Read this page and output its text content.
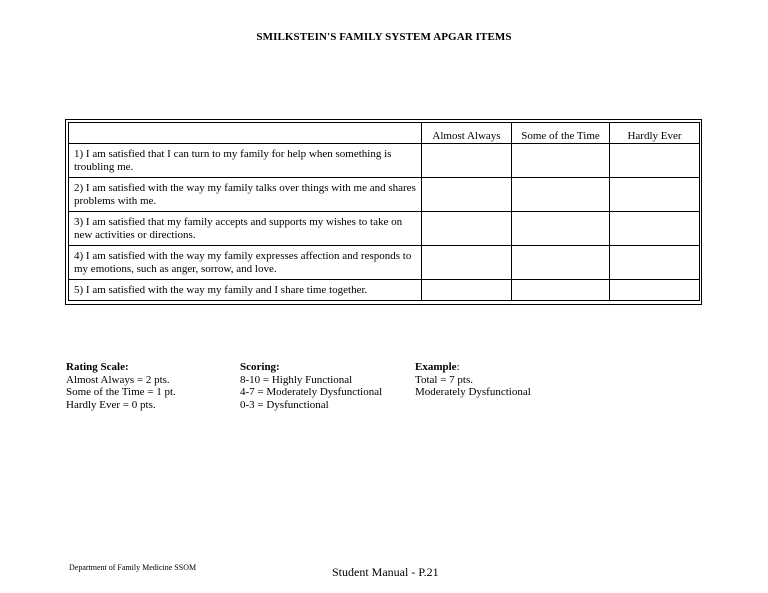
SMILKSTEIN'S FAMILY SYSTEM APGAR ITEMS
	Almost Always	Some of the Time	Hardly Ever
1) I am satisfied that I can turn to my family for help when something is troubling me.			
2) I am satisfied with the way my family talks over things with me and shares problems with me.			
3) I am satisfied that my family accepts and supports my wishes to take on new activities or directions.			
4) I am satisfied with the way my family expresses affection and responds to my emotions, such as anger, sorrow, and love.			
5) I am satisfied with the way my family and I share time together.			
Rating Scale:
Almost Always = 2 pts.
Some of the Time = 1 pt.
Hardly Ever = 0 pts.
Scoring:
8-10 = Highly Functional
4-7 = Moderately Dysfunctional
0-3 = Dysfunctional
Example:
Total = 7 pts.
Moderately Dysfunctional
Department of Family Medicine SSOM	Student Manual - P.21
